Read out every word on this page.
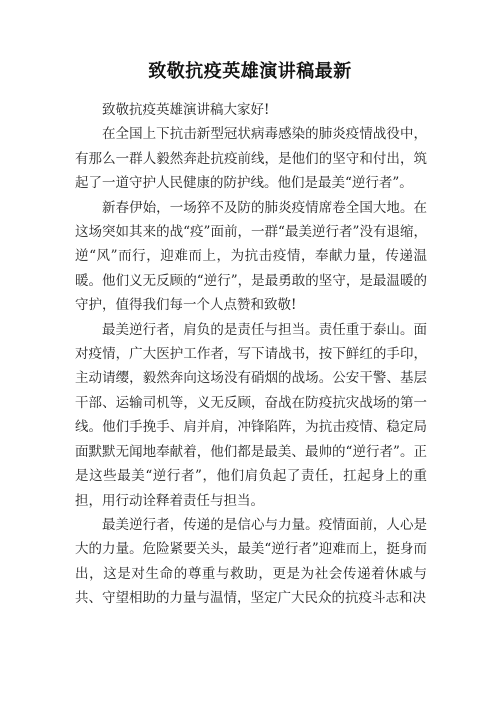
致敬抗疫英雄演讲稿最新

致敬抗疫英雄演讲稿大家好!

在全国上下抗击新型冠状病毒感染的肺炎疫情战役中，有那么一群人毅然奔赴抗疫前线，是他们的坚守和付出，筑起了一道守护人民健康的防护线。他们是最美“逆行者”。

新春伊始，一场猝不及防的肺炎疫情席卷全国大地。在这场突如其来的战“疫”面前，一群“最美逆行者”没有退缩，逆“风”而行，迎难而上，为抗击疫情，奉献力量，传递温暖。他们义无反顾的“逆行”，是最勇敢的坚守，是最温暖的守护，值得我们每一个人点赞和致敬!

最美逆行者，肩负的是责任与担当。责任重于泰山。面对疫情，广大医护工作者，写下请战书，按下鲜红的手印，主动请缨，毅然奔向这场没有硝烟的战场。公安干警、基层干部、运输司机等，义无反顾，奋战在防疫抗灾战场的第一线。他们手挽手、肩并肩，冲锋陷阵，为抗击疫情、稳定局面默默无闻地奉献着，他们都是最美、最帅的“逆行者”。正是这些最美“逆行者”，他们肩负起了责任，扛起身上的重担，用行动诠释着责任与担当。

最美逆行者，传递的是信心与力量。疫情面前，人心是大的力量。危险紧要关头，最美“逆行者”迎难而上，挺身而出，这是对生命的尊重与救助，更是为社会传递着休戚与共、守望相助的力量与温情，坚定广大民众的抗疫斗志和决
